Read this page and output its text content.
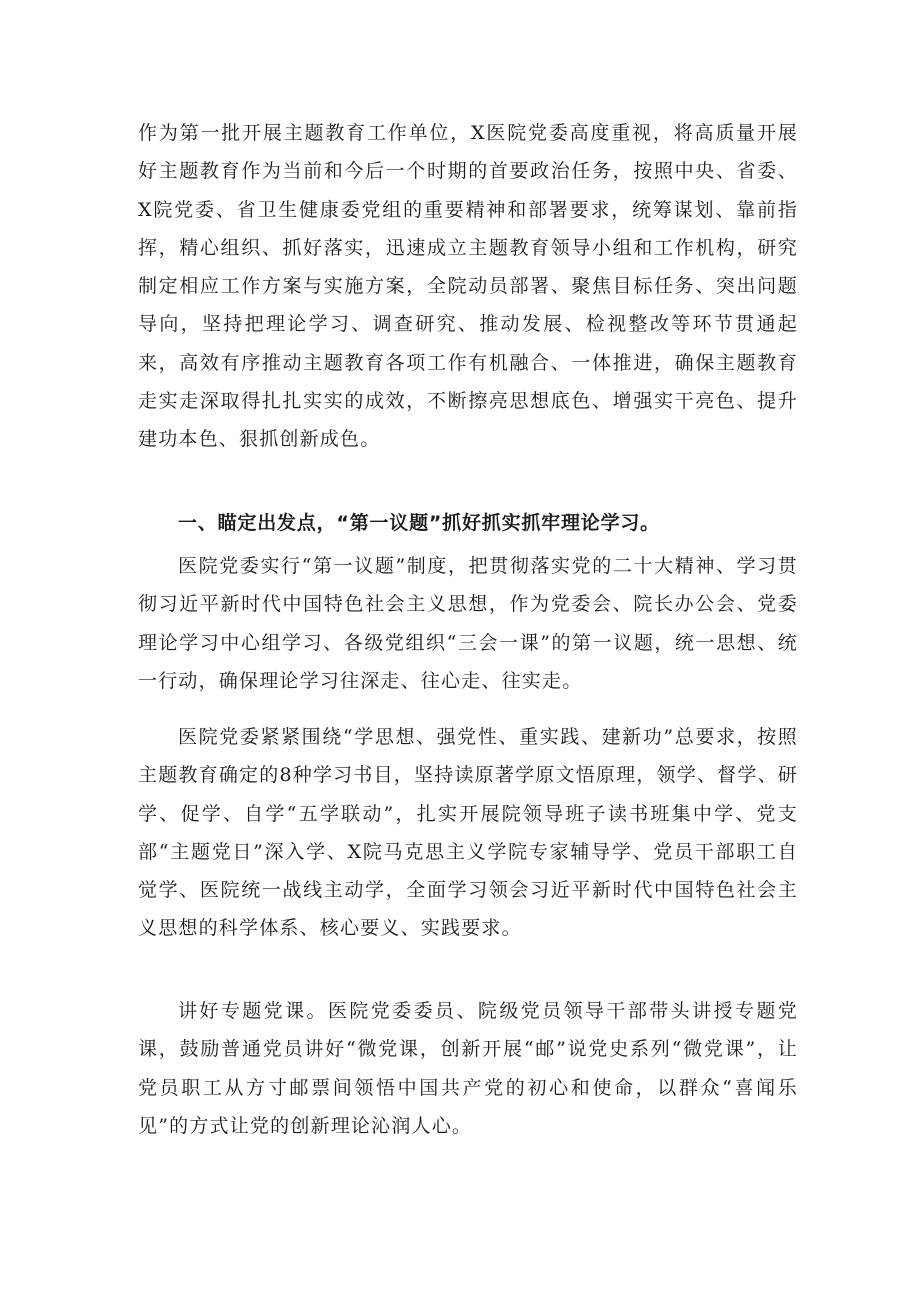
作为第一批开展主题教育工作单位，X医院党委高度重视，将高质量开展好主题教育作为当前和今后一个时期的首要政治任务，按照中央、省委、X院党委、省卫生健康委党组的重要精神和部署要求，统筹谋划、靠前指挥，精心组织、抓好落实，迅速成立主题教育领导小组和工作机构，研究制定相应工作方案与实施方案，全院动员部署、聚焦目标任务、突出问题导向，坚持把理论学习、调查研究、推动发展、检视整改等环节贯通起来，高效有序推动主题教育各项工作有机融合、一体推进，确保主题教育走实走深取得扎扎实实的成效，不断擦亮思想底色、增强实干亮色、提升建功本色、狠抓创新成色。

一、瞄定出发点，“第一议题”抓好抓实抓牢理论学习。

医院党委实行“第一议题”制度，把贯彻落实党的二十大精神、学习贯彻习近平新时代中国特色社会主义思想，作为党委会、院长办公会、党委理论学习中心组学习、各级党组织“三会一课”的第一议题，统一思想、统一行动，确保理论学习往深走、往心走、往实走。

医院党委紧紧围绕“学思想、强党性、重实践、建新功”总要求，按照主题教育确定的8种学习书目，坚持读原著学原文悟原理，领学、督学、研学、促学、自学“五学联动”，扎实开展院领导班子读书班集中学、党支部“主题党日”深入学、X院马克思主义学院专家辅导学、党员干部职工自觉学、医院统一战线主动学，全面学习领会习近平新时代中国特色社会主义思想的科学体系、核心要义、实践要求。

讲好专题党课。医院党委委员、院级党员领导干部带头讲授专题党课，鼓励普通党员讲好“微党课，创新开展“邮”说党史系列“微党课”，让党员职工从方寸邮票间领悟中国共产党的初心和使命，以群众“喜闻乐见”的方式让党的创新理论沁润人心。
